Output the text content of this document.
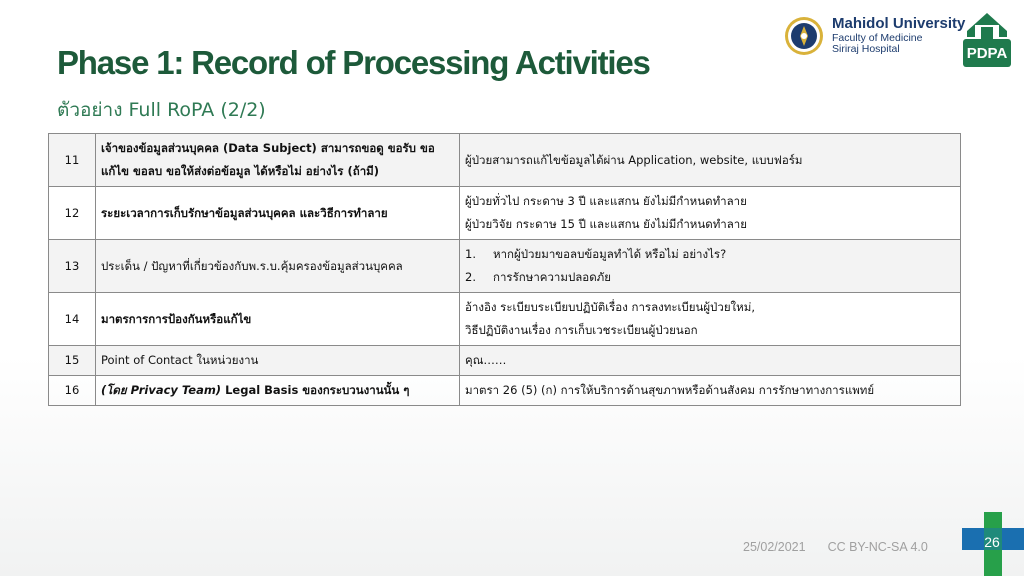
Phase 1: Record of Processing Activities
ตัวอย่าง Full RoPA (2/2)
Mahidol University
Faculty of Medicine
Siriraj Hospital	PDPA
11	เจ้าของข้อมูลส่วนบุคคล (Data Subject) สามารถขอดู ขอรับ ขอแก้ไข ขอลบ ขอให้ส่งต่อข้อมูล ได้หรือไม่ อย่างไร (ถ้ามี)	ผู้ป่วยสามารถแก้ไขข้อมูลได้ผ่าน Application, website, แบบฟอร์ม
12	ระยะเวลาการเก็บรักษาข้อมูลส่วนบุคคล และวิธีการทำลาย	ผู้ป่วยทั่วไป กระดาษ 3 ปี และแสกน ยังไม่มีกำหนดทำลาย
ผู้ป่วยวิจัย กระดาษ 15 ปี และแสกน ยังไม่มีกำหนดทำลาย

13	ประเด็น / ปัญหาที่เกี่ยวข้องกับพ.ร.บ.คุ้มครองข้อมูลส่วนบุคคล	1. หากผู้ป่วยมาขอลบข้อมูลทำได้ หรือไม่ อย่างไร?
2. การรักษาความปลอดภัย

14	มาตรการการป้องกันหรือแก้ไข	อ้างอิง ระเบียบระเบียบปฏิบัติเรื่อง การลงทะเบียนผู้ป่วยใหม่,
วิธีปฏิบัติงานเรื่อง การเก็บเวชระเบียนผู้ป่วยนอก

15	Point of Contact ในหน่วยงาน	คุณ……
16	(โดย Privacy Team) Legal Basis ของกระบวนงานนั้น ๆ	มาตรา 26 (5) (ก) การให้บริการด้านสุขภาพหรือด้านสังคม การรักษาทางการแพทย์
25/02/2021 CC BY-NC-SA 4.0	26
